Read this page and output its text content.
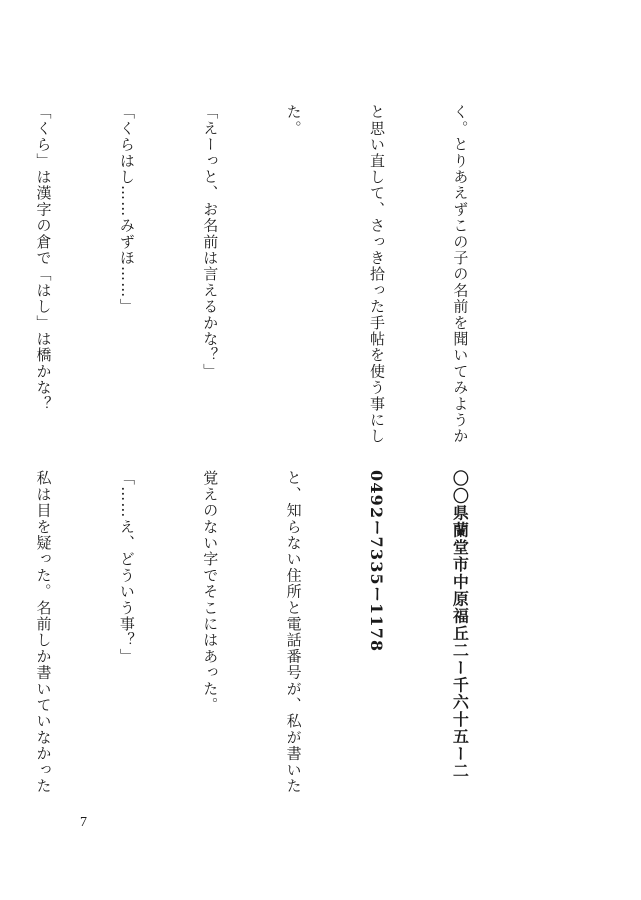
く。とりあえずこの子の名前を聞いてみようか

と思い直して、さっき拾った手帖を使う事にし

た。

「えーっと、お名前は言えるかな？」

「くらはし……みずほ……」

「くら」は漢字の倉で「はし」は橋かな？

〇〇県蘭堂市中原福丘二ー千六十五ー二

0492ー7335ー1178

と、知らない住所と電話番号が、私が書いた

覚えのない字でそこにはあった。

「……え、どういう事？」

私は目を疑った。名前しか書いていなかった

7
